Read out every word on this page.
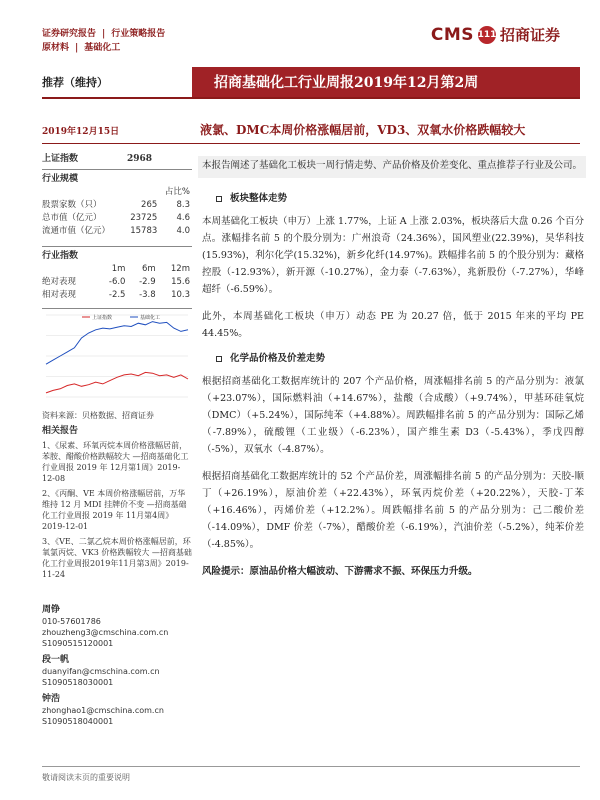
证券研究报告 | 行业策略报告
原材料 | 基础化工
CMS 111 招商证券
推荐（维持）	招商基础化工行业周报2019年12月第2周
2019年12月15日	液氯、DMC本周价格涨幅居前，VD3、双氧水价格跌幅较大
上证指数	2968
行业规模
		占比%
股票家数（只）	265	8.3
总市值（亿元）	23725	4.6
流通市值（亿元）	15783	4.0
行业指数
	1m	6m	12m
绝对表现	-6.0	-2.9	15.6
相对表现	-2.5	-3.8	10.3
上证指数	基础化工
资料来源：贝格数据、招商证券
相关报告
1、《尿素、环氧丙烷本周价格涨幅居前，苯胺、醋酸价格跌幅较大 —招商基础化工行业周报 2019 年 12月第1周》2019-12-08
2、《丙酮、VE 本周价格涨幅居前，万华维持 12 月 MDI 挂牌价不变 —招商基础化工行业周报 2019 年 11月第4周》2019-12-01
3、《VE、二氯乙烷本周价格涨幅居前，环氧氯丙烷、VK3 价格跌幅较大 —招商基础化工行业周报2019年11月第3周》2019-11-24
周铮
010-57601786
zhouzheng3@cmschina.com.cn
S1090515120001
段一帆
duanyifan@cmschina.com.cn
S1090518030001
钟浩
zhonghao1@cmschina.com.cn
S1090518040001
本报告阐述了基础化工板块一周行情走势、产品价格及价差变化、重点推荐子行业及公司。
板块整体走势
本周基础化工板块（申万）上涨 1.77%，上证 A 上涨 2.03%，板块落后大盘 0.26 个百分点。涨幅排名前 5 的个股分别为：广州浪奇（24.36%），国风塑业(22.39%)，昊华科技(15.93%)，利尔化学(15.32%)，新乡化纤(14.97%)。跌幅排名前 5 的个股分别为：藏格控股（-12.93%），新开源（-10.27%），金力泰（-7.63%），兆新股份（-7.27%），华峰超纤（-6.59%）。
此外，本周基础化工板块（申万）动态 PE 为 20.27 倍，低于 2015 年来的平均 PE 44.45%。
化学品价格及价差走势
根据招商基础化工数据库统计的 207 个产品价格，周涨幅排名前 5 的产品分别为：液氯（+23.07%），国际燃料油（+14.67%），盐酸（合成酸）（+9.74%），甲基环硅氧烷（DMC）（+5.24%），国际纯苯（+4.88%）。周跌幅排名前 5 的产品分别为：国际乙烯（-7.89%），硫酸锂（工业级）（-6.23%），国产维生素 D3（-5.43%），季戊四醇（-5%），双氧水（-4.87%）。
根据招商基础化工数据库统计的 52 个产品价差，周涨幅排名前 5 的产品分别为：天胶-顺丁（+26.19%），原油价差（+22.43%），环氧丙烷价差（+20.22%），天胶-丁苯（+16.46%），丙烯价差（+12.2%）。周跌幅排名前 5 的产品分别为：己二酸价差（-14.09%），DMF 价差（-7%），醋酸价差（-6.19%），汽油价差（-5.2%），纯苯价差（-4.85%）。
风险提示：原油品价格大幅波动、下游需求不振、环保压力升级。
敬请阅读末页的重要说明
